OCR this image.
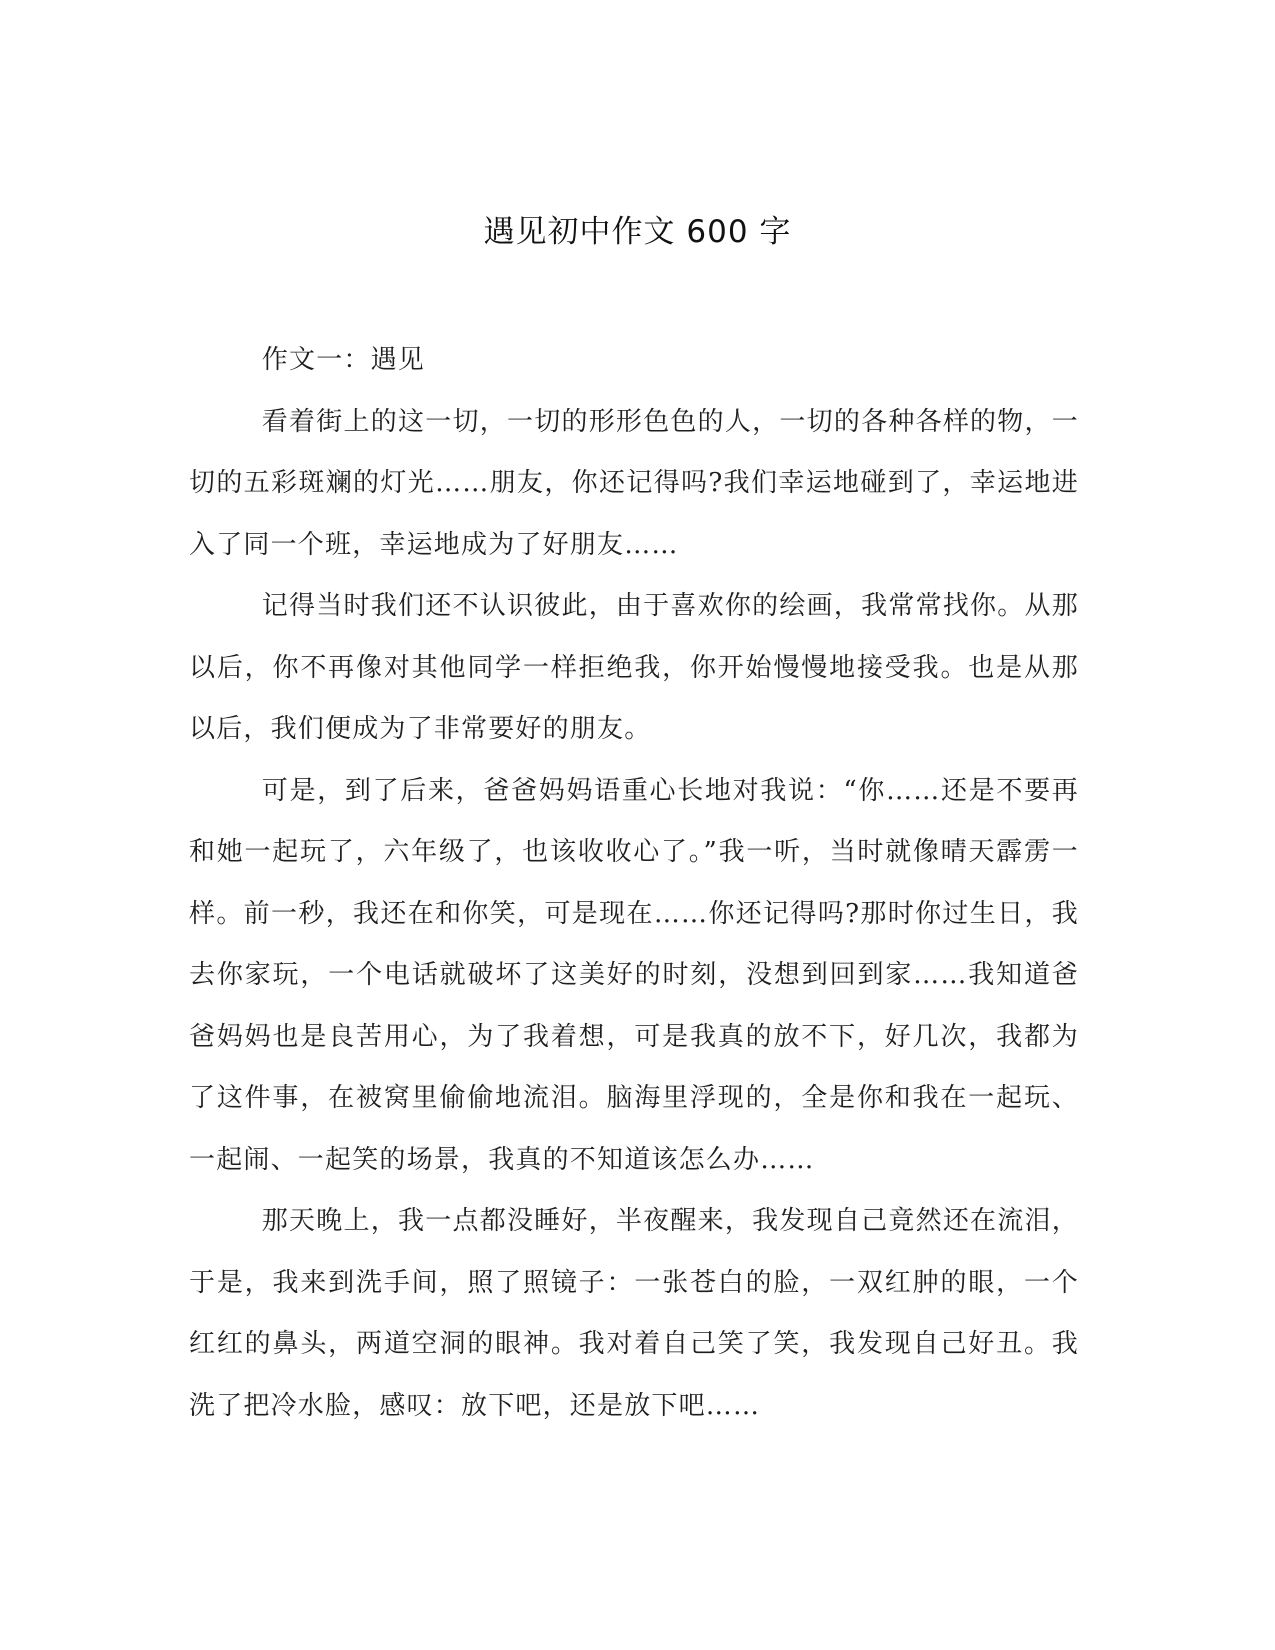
遇见初中作文 600 字

作文一：遇见

看着街上的这一切，一切的形形色色的人，一切的各种各样的物，一切的五彩斑斓的灯光……朋友，你还记得吗?我们幸运地碰到了，幸运地进入了同一个班，幸运地成为了好朋友……

记得当时我们还不认识彼此，由于喜欢你的绘画，我常常找你。从那以后，你不再像对其他同学一样拒绝我，你开始慢慢地接受我。也是从那以后，我们便成为了非常要好的朋友。

可是，到了后来，爸爸妈妈语重心长地对我说：“你……还是不要再和她一起玩了，六年级了，也该收收心了。”我一听，当时就像晴天霹雳一样。前一秒，我还在和你笑，可是现在……你还记得吗?那时你过生日，我去你家玩，一个电话就破坏了这美好的时刻，没想到回到家……我知道爸爸妈妈也是良苦用心，为了我着想，可是我真的放不下，好几次，我都为了这件事，在被窝里偷偷地流泪。脑海里浮现的，全是你和我在一起玩、一起闹、一起笑的场景，我真的不知道该怎么办……

那天晚上，我一点都没睡好，半夜醒来，我发现自己竟然还在流泪，于是，我来到洗手间，照了照镜子：一张苍白的脸，一双红肿的眼，一个红红的鼻头，两道空洞的眼神。我对着自己笑了笑，我发现自己好丑。我洗了把冷水脸，感叹：放下吧，还是放下吧……
